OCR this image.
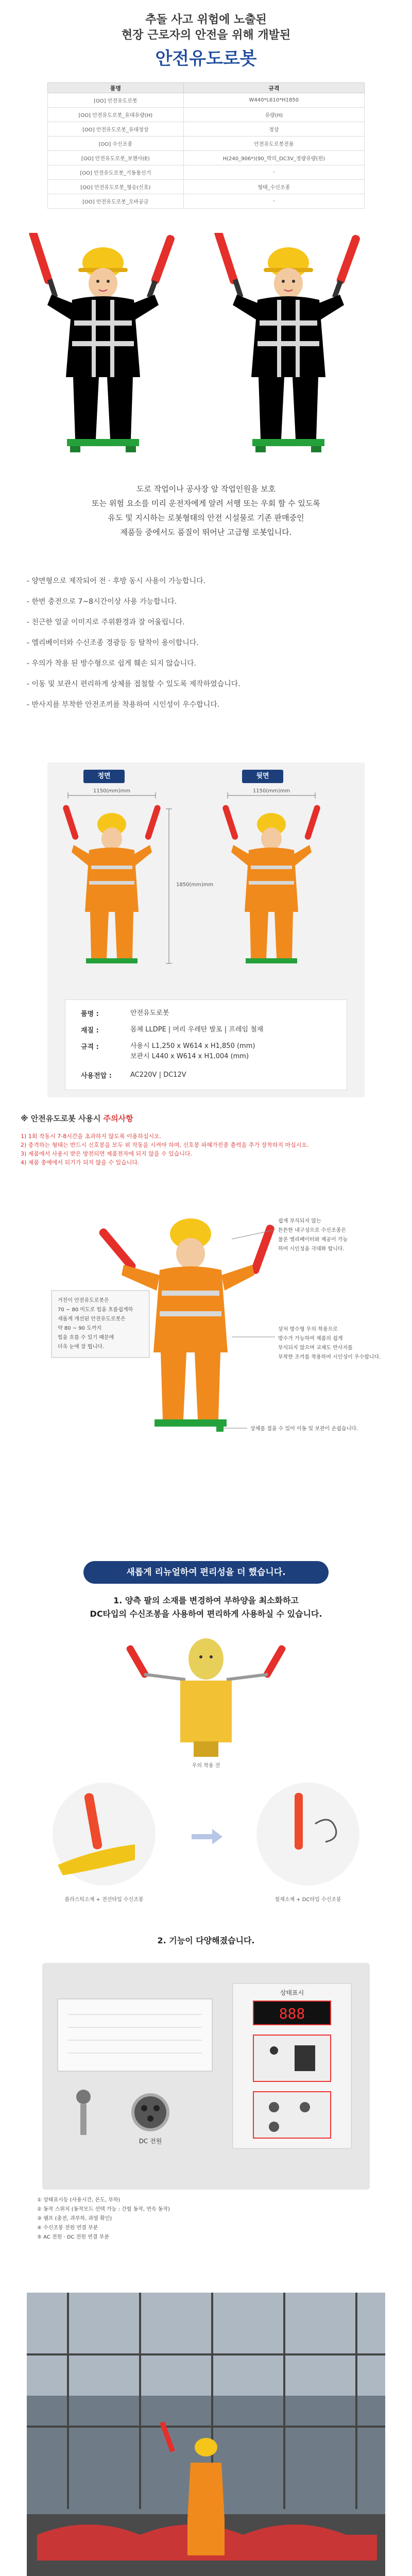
추돌 사고 위험에 노출된
현장 근로자의 안전을 위해 개발된
안전유도로봇
품명	규격
[OO] 안전유도로봇	W440*L610*H1850
[OO] 안전유도로봇_유대유량(H)	유량(H)
[OO] 안전유도로봇_유대정상	정상
[OO] 수신조종	안전유도로봇전용
[OO] 안전유도로봇_보핸사(E)	H(240_906*)(90_박의_DC3V_정량유량(원)
[OO] 안전유도로봇_기동통신기	-
[OO] 안전유도로봇_형승(신호)	형태_수신조종
[OO] 안전유도로봇_오바공금	-
도로 작업이나 공사장 앞 작업인원을 보호
또는 위험 요소를 미리 운전자에게 알려 서행 또는 우회 할 수 있도록
유도 및 지시하는 로봇형태의 안전 시설물로 기존 판매중인
제품들 중에서도 품질이 뛰어난 고급형 로봇입니다.
- 양면형으로 제작되어 전 · 후방 동시 사용이 가능합니다.
- 한번 충전으로 7~8시간이상 사용 가능합니다.
- 친근한 얼굴 이미지로 주위환경과 잘 어울립니다.
- 엘리베이터와 수신조종 경광등 등 탈착이 용이합니다.
- 우의가 착용 된 방수형으로 쉽게 훼손 되지 않습니다.
- 이동 및 보관시 편리하게 상체를 접철할 수 있도록 제작하였습니다.
- 반사지를 부착한 안전조끼를 착용하여 시인성이 우수합니다.
정면	뒷면
1150(mm)mm
1850(mm)mm
1150(mm)mm
품명 :	안전유도로봇
재질 :	몸체 LLDPE | 머리 우레탄 발포 | 프레임 철재
규격 :	사용시 L1,250 x W614 x H1,850 (mm)
보관시 L440 x W614 x H1,004 (mm)
사용전압 :	AC220V | DC12V
※ 안전유도로봇 사용시 주의사항
1) 1회 작동시 7-8시간을 초과하지 않도록 이용하십시오.
2) 충격하는 형태는 반드시 신호봉을 모두 위 작동을 시켜야 하며, 신호봉 파혜가진종 출력을 추가 장착하지 마십시오.
3) 제품에서 사용시 받은 방전되면 제품전자에 되지 않을 수 있습니다.
4) 제품 충예에서 되기가 되지 않을 수 있습니다.
거친이 안전유도로봇은 70 ~ 80 미도로 힘을 흐름쉽게하 새롭게 개선된 안전유도로봇은 약 80 ~ 90 도까지 힘을 흐를 수 있기 때문에 더욱 눈에 잘 띕니다.
쉽게 부식되지 않는 튼튼한 내구성으로 수신조종은 물론 엘리베이터와 제공이 가능 하여 시인성을 극대화 합니다.
상처 방수형 우의 착용으로 방수가 가능하여 제품의 쉽게 부식되지 않으며 교체도 반사지를 부착한 조끼를 착용하여 시인성이 우수합니다.
상체를 접을 수 있어 이동 및 보관이 손쉽습니다.
새롭게 리뉴얼하여 편리성을 더 했습니다.
1. 양측 팔의 소재를 변경하여 부하양을 최소화하고
DC타입의 수신조봉을 사용하여 편리하게 사용하실 수 있습니다.
우의 착용 전
플라스틱소재 + 전선타입 수신조봉	철재소재 + DC타입 수신조봉
2. 기능이 다양해졌습니다.
DC 전원
상태표시
888
① 상태표시등 (사용시간, 온도, 부하)
② 동작 스위치 (동작모드 선택 가능 : 간헐 동작, 연속 동작)
③ 램프 (충전, 과부하, 과열 확인)
④ 수신조봉 전원 연결 부분
⑤ AC 전원 · DC 전원 연결 부분
